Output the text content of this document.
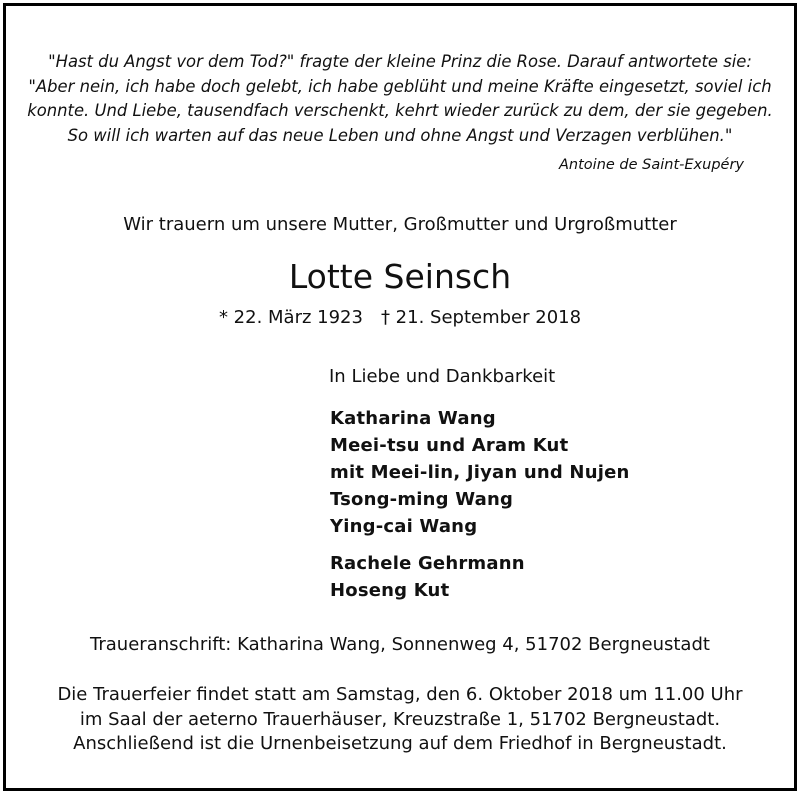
"Hast du Angst vor dem Tod?" fragte der kleine Prinz die Rose. Darauf antwortete sie:
"Aber nein, ich habe doch gelebt, ich habe geblüht und meine Kräfte eingesetzt, soviel ich
konnte. Und Liebe, tausendfach verschenkt, kehrt wieder zurück zu dem, der sie gegeben.
So will ich warten auf das neue Leben und ohne Angst und Verzagen verblühen."
Antoine de Saint-Exupéry
Wir trauern um unsere Mutter, Großmutter und Urgroßmutter
Lotte Seinsch
* 22. März 1923 † 21. September 2018
In Liebe und Dankbarkeit
Katharina Wang
Meei-tsu und Aram Kut
mit Meei-lin, Jiyan und Nujen
Tsong-ming Wang
Ying-cai Wang
Rachele Gehrmann
Hoseng Kut
Traueranschrift: Katharina Wang, Sonnenweg 4, 51702 Bergneustadt
Die Trauerfeier findet statt am Samstag, den 6. Oktober 2018 um 11.00 Uhr
im Saal der aeterno Trauerhäuser, Kreuzstraße 1, 51702 Bergneustadt.
Anschließend ist die Urnenbeisetzung auf dem Friedhof in Bergneustadt.
